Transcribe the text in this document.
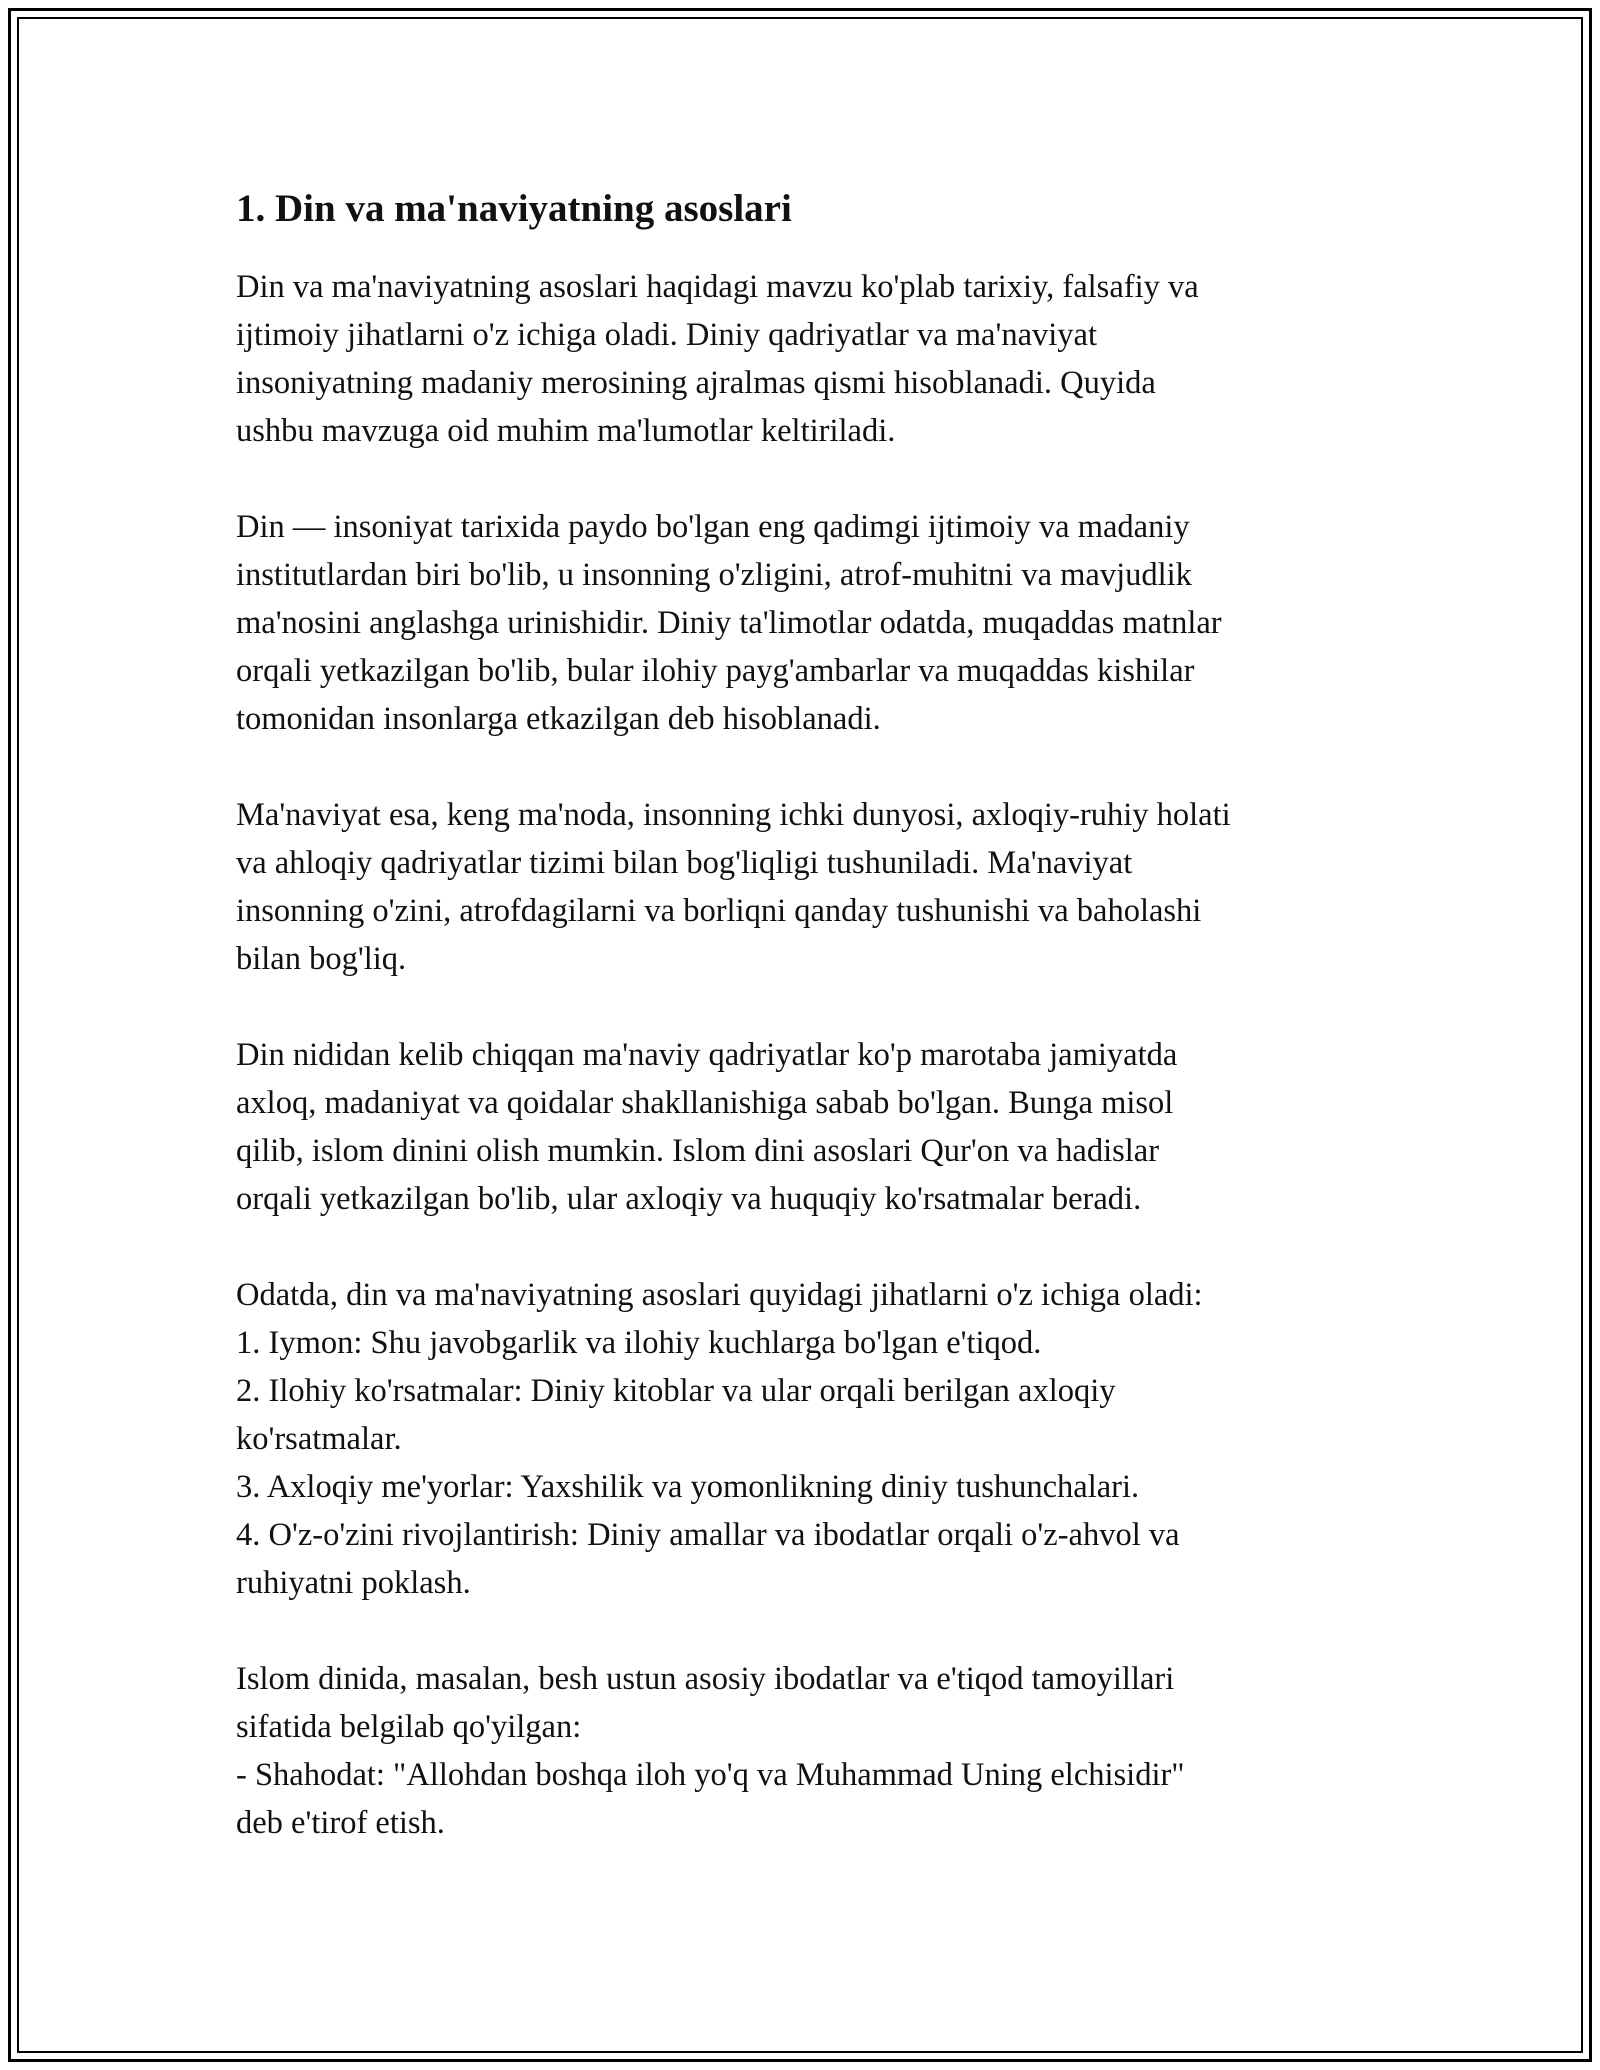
1. Din va ma'naviyatning asoslari

Din va ma'naviyatning asoslari haqidagi mavzu ko'plab tarixiy, falsafiy va
ijtimoiy jihatlarni o'z ichiga oladi. Diniy qadriyatlar va ma'naviyat
insoniyatning madaniy merosining ajralmas qismi hisoblanadi. Quyida
ushbu mavzuga oid muhim ma'lumotlar keltiriladi.

Din — insoniyat tarixida paydo bo'lgan eng qadimgi ijtimoiy va madaniy
institutlardan biri bo'lib, u insonning o'zligini, atrof-muhitni va mavjudlik
ma'nosini anglashga urinishidir. Diniy ta'limotlar odatda, muqaddas matnlar
orqali yetkazilgan bo'lib, bular ilohiy payg'ambarlar va muqaddas kishilar
tomonidan insonlarga etkazilgan deb hisoblanadi.

Ma'naviyat esa, keng ma'noda, insonning ichki dunyosi, axloqiy-ruhiy holati
va ahloqiy qadriyatlar tizimi bilan bog'liqligi tushuniladi. Ma'naviyat
insonning o'zini, atrofdagilarni va borliqni qanday tushunishi va baholashi
bilan bog'liq.

Din nididan kelib chiqqan ma'naviy qadriyatlar ko'p marotaba jamiyatda
axloq, madaniyat va qoidalar shakllanishiga sabab bo'lgan. Bunga misol
qilib, islom dinini olish mumkin. Islom dini asoslari Qur'on va hadislar
orqali yetkazilgan bo'lib, ular axloqiy va huquqiy ko'rsatmalar beradi.

Odatda, din va ma'naviyatning asoslari quyidagi jihatlarni o'z ichiga oladi:
1. Iymon: Shu javobgarlik va ilohiy kuchlarga bo'lgan e'tiqod.
2. Ilohiy ko'rsatmalar: Diniy kitoblar va ular orqali berilgan axloqiy
ko'rsatmalar.
3. Axloqiy me'yorlar: Yaxshilik va yomonlikning diniy tushunchalari.
4. O'z-o'zini rivojlantirish: Diniy amallar va ibodatlar orqali o'z-ahvol va
ruhiyatni poklash.

Islom dinida, masalan, besh ustun asosiy ibodatlar va e'tiqod tamoyillari
sifatida belgilab qo'yilgan:
- Shahodat: "Allohdan boshqa iloh yo'q va Muhammad Uning elchisidir"
deb e'tirof etish.
